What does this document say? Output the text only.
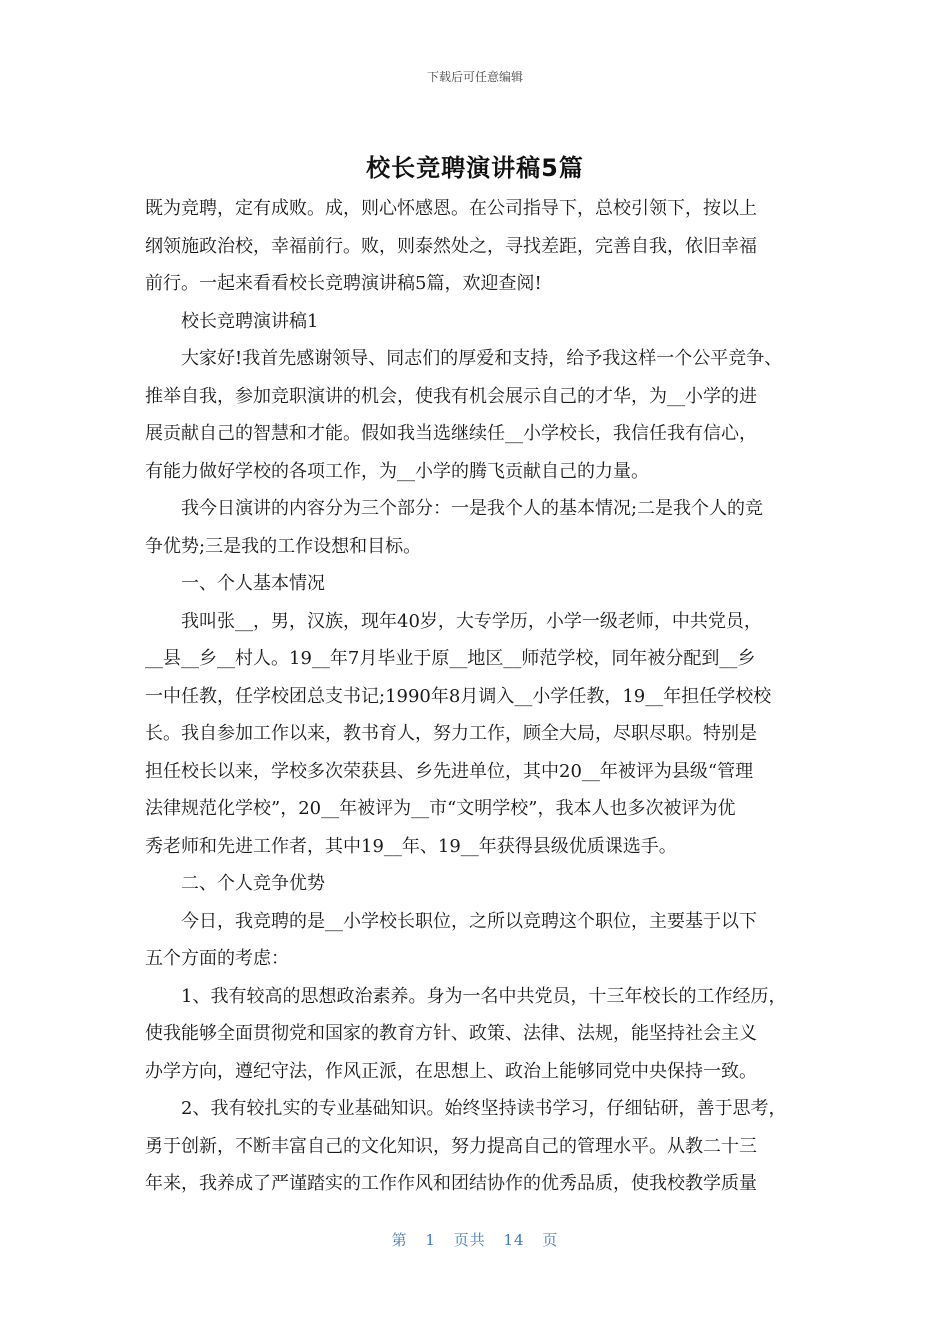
下载后可任意编辑
校长竞聘演讲稿5篇
既为竞聘，定有成败。成，则心怀感恩。在公司指导下，总校引领下，按以上
纲领施政治校，幸福前行。败，则泰然处之，寻找差距，完善自我，依旧幸福
前行。一起来看看校长竞聘演讲稿5篇，欢迎查阅!
校长竞聘演讲稿1
大家好!我首先感谢领导、同志们的厚爱和支持，给予我这样一个公平竞争、
推举自我，参加竞职演讲的机会，使我有机会展示自己的才华，为__小学的进
展贡献自己的智慧和才能。假如我当选继续任__小学校长，我信任我有信心，
有能力做好学校的各项工作，为__小学的腾飞贡献自己的力量。
我今日演讲的内容分为三个部分：一是我个人的基本情况;二是我个人的竞
争优势;三是我的工作设想和目标。
一、个人基本情况
我叫张__，男，汉族，现年40岁，大专学历，小学一级老师，中共党员，
__县__乡__村人。19__年7月毕业于原__地区__师范学校，同年被分配到__乡
一中任教，任学校团总支书记;1990年8月调入__小学任教，19__年担任学校校
长。我自参加工作以来，教书育人，努力工作，顾全大局，尽职尽职。特别是
担任校长以来，学校多次荣获县、乡先进单位，其中20__年被评为县级“管理
法律规范化学校”，20__年被评为__市“文明学校”，我本人也多次被评为优
秀老师和先进工作者，其中19__年、19__年获得县级优质课选手。
二、个人竞争优势
今日，我竞聘的是__小学校长职位，之所以竞聘这个职位，主要基于以下
五个方面的考虑：
1、我有较高的思想政治素养。身为一名中共党员，十三年校长的工作经历，
使我能够全面贯彻党和国家的教育方针、政策、法律、法规，能坚持社会主义
办学方向，遵纪守法，作风正派，在思想上、政治上能够同党中央保持一致。
2、我有较扎实的专业基础知识。始终坚持读书学习，仔细钻研，善于思考，
勇于创新，不断丰富自己的文化知识，努力提高自己的管理水平。从教二十三
年来，我养成了严谨踏实的工作作风和团结协作的优秀品质，使我校教学质量
第 1 页共 14 页
